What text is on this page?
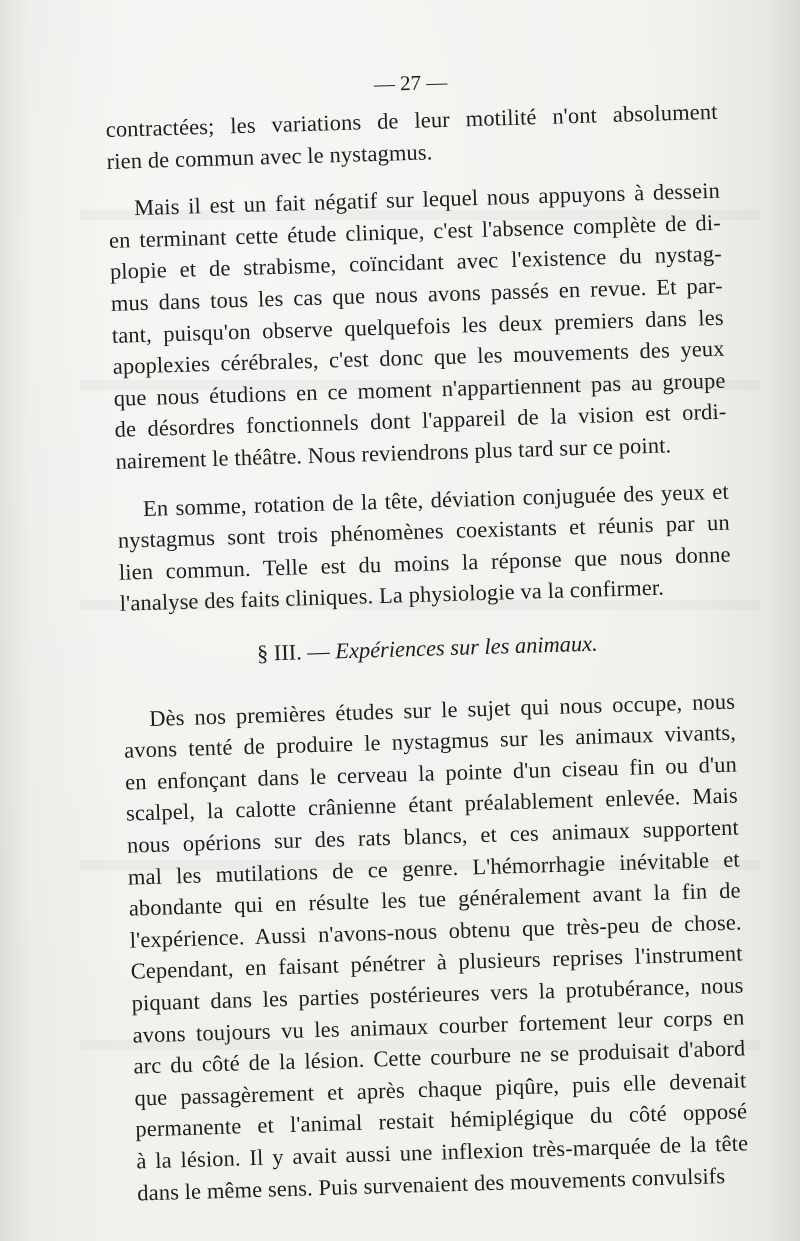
— 27 —
contractées; les variations de leur motilité n'ont absolument
rien de commun avec le nystagmus.
Mais il est un fait négatif sur lequel nous appuyons à dessein
en terminant cette étude clinique, c'est l'absence complète de di-
plopie et de strabisme, coïncidant avec l'existence du nystag-
mus dans tous les cas que nous avons passés en revue. Et par-
tant, puisqu'on observe quelquefois les deux premiers dans les
apoplexies cérébrales, c'est donc que les mouvements des yeux
que nous étudions en ce moment n'appartiennent pas au groupe
de désordres fonctionnels dont l'appareil de la vision est ordi-
nairement le théâtre. Nous reviendrons plus tard sur ce point.
En somme, rotation de la tête, déviation conjuguée des yeux et
nystagmus sont trois phénomènes coexistants et réunis par un
lien commun. Telle est du moins la réponse que nous donne
l'analyse des faits cliniques. La physiologie va la confirmer.
§ III. — Expériences sur les animaux.
Dès nos premières études sur le sujet qui nous occupe, nous
avons tenté de produire le nystagmus sur les animaux vivants,
en enfonçant dans le cerveau la pointe d'un ciseau fin ou d'un
scalpel, la calotte crânienne étant préalablement enlevée. Mais
nous opérions sur des rats blancs, et ces animaux supportent
mal les mutilations de ce genre. L'hémorrhagie inévitable et
abondante qui en résulte les tue généralement avant la fin de
l'expérience. Aussi n'avons-nous obtenu que très-peu de chose.
Cependant, en faisant pénétrer à plusieurs reprises l'instrument
piquant dans les parties postérieures vers la protubérance, nous
avons toujours vu les animaux courber fortement leur corps en
arc du côté de la lésion. Cette courbure ne se produisait d'abord
que passagèrement et après chaque piqûre, puis elle devenait
permanente et l'animal restait hémiplégique du côté opposé
à la lésion. Il y avait aussi une inflexion très-marquée de la tête
dans le même sens. Puis survenaient des mouvements convulsifs
